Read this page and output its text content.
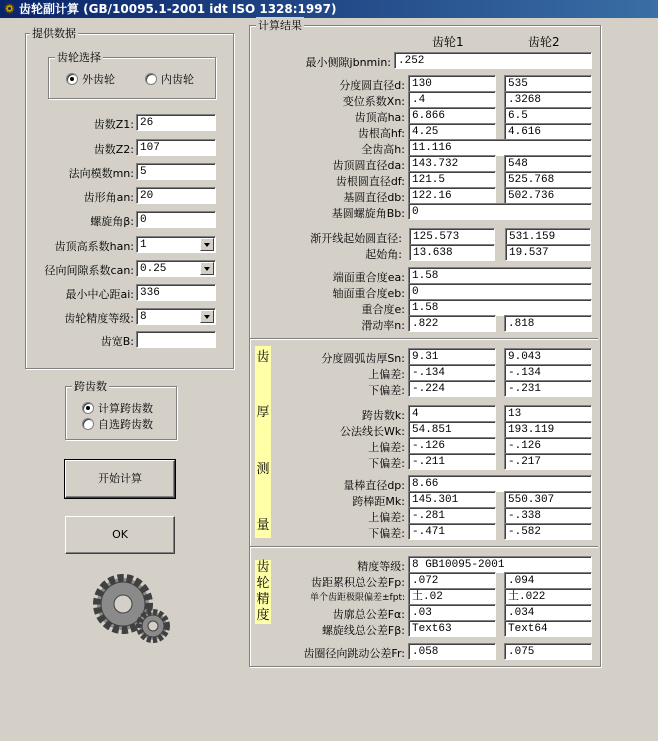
齿轮副计算 (GB/10095.1-2001 idt ISO 1328:1997)
提供数据
齿轮选择
外齿轮	内齿轮
齿数Z1: 26
齿数Z2: 107
法向模数mn: 5
齿形角an: 20
螺旋角β: 0
齿顶高系数han: 1
径向间隙系数can: 0.25
最小中心距ai: 336
齿轮精度等级: 8
齿宽B:
跨齿数
计算跨齿数
自选跨齿数
开始计算
OK
计算结果
齿轮1	齿轮2
齿
厚
测
量
齿
轮
精
度
最小侧隙jbnmin: .252
分度圆直径d: 130	535
变位系数Xn: .4	.3268
齿顶高ha: 6.866	6.5
齿根高hf: 4.25	4.616
全齿高h: 11.116
齿顶圆直径da: 143.732	548
齿根圆直径df: 121.5	525.768
基圆直径db: 122.16	502.736
基圆螺旋角Bb: 0
渐开线起始圆直径:	125.573	531.159
起始角:	13.638	19.537
端面重合度ea: 1.58
轴面重合度eb: 0
重合度e: 1.58
滑动率n: .822	.818
分度圆弧齿厚Sn: 9.31	9.043
上偏差: -.134	-.134
下偏差: -.224	-.231
跨齿数k: 4	13
公法线长Wk: 54.851	193.119
上偏差: -.126	-.126
下偏差: -.211	-.217
量棒直径dp: 8.66
跨棒距Mk: 145.301	550.307
上偏差: -.281	-.338
下偏差: -.471	-.582
精度等级: 8 GB10095-2001
齿距累积总公差Fp: .072	.094
单个齿距极限偏差±fpt: 土.02	土.022
齿廓总公差Fα: .03	.034
螺旋线总公差Fβ: Text63	Text64
齿圈径向跳动公差Fr: .058	.075
